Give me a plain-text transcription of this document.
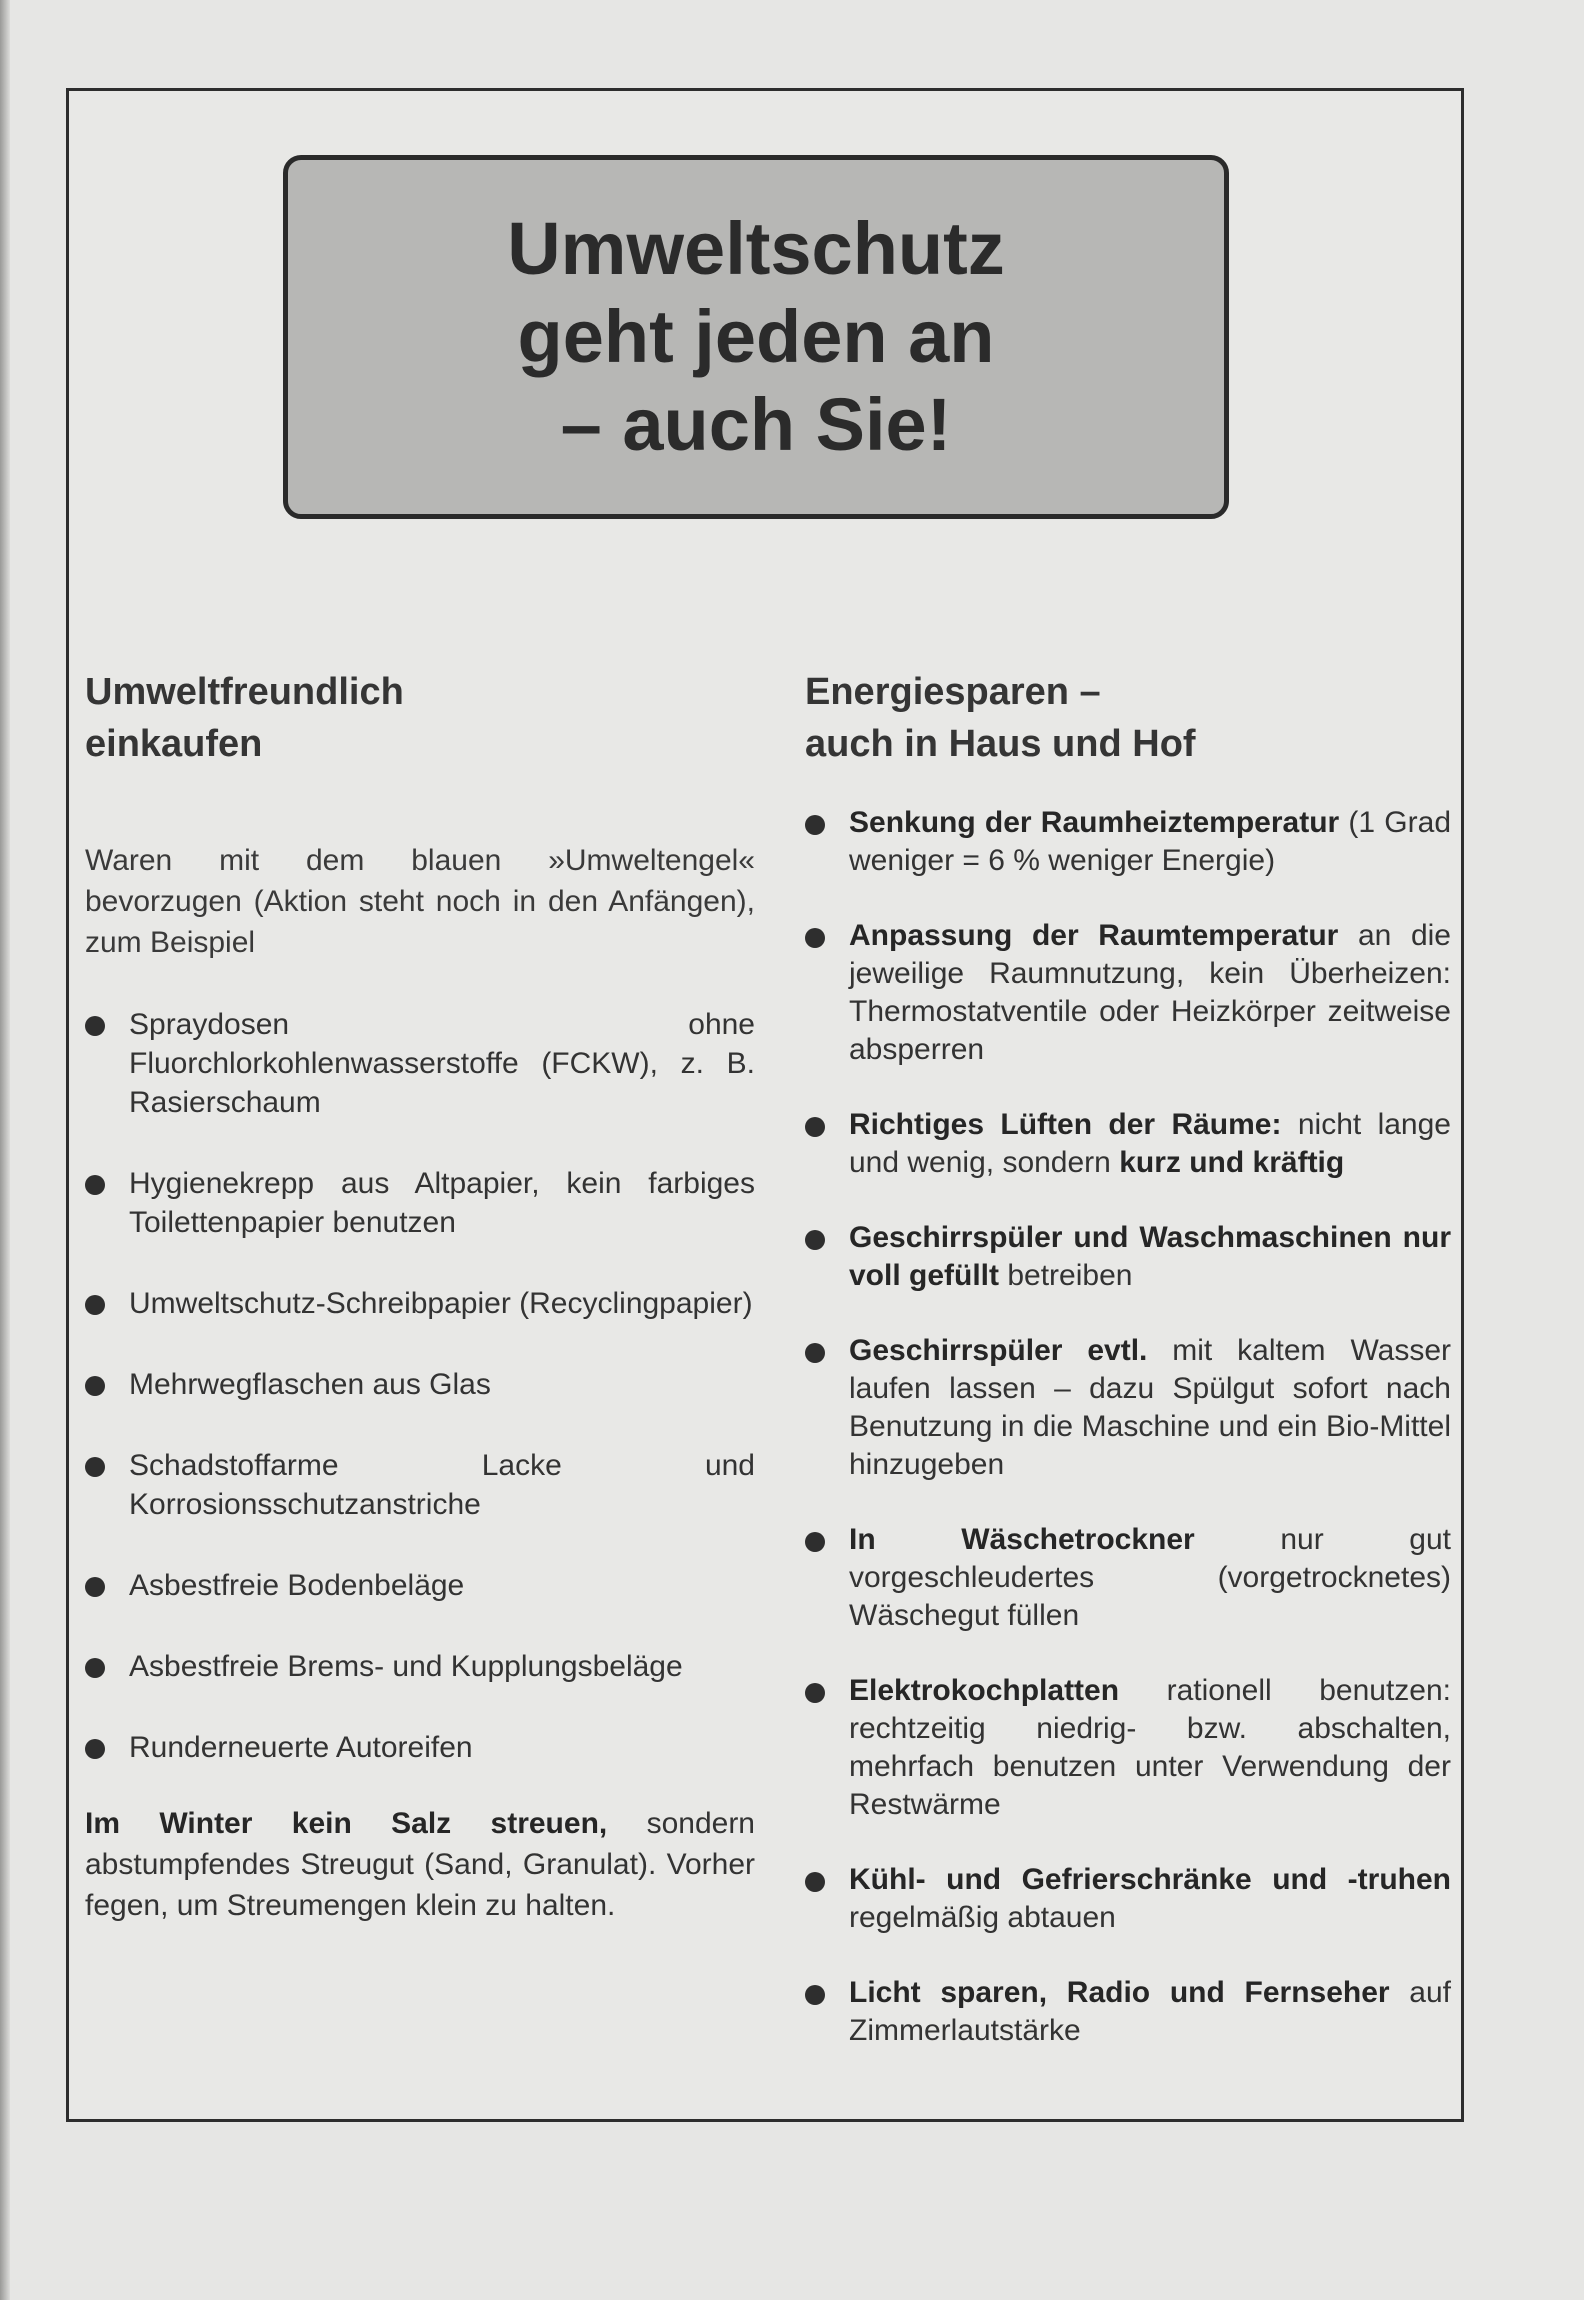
Umweltschutz
geht jeden an
– auch Sie!
Umweltfreundlich
einkaufen

Waren mit dem blauen »Umweltengel« bevorzugen (Aktion steht noch in den Anfängen), zum Beispiel

Spraydosen ohne Fluorchlorkohlenwasserstoffe (FCKW), z. B. Rasierschaum
Hygienekrepp aus Altpapier, kein farbiges Toilettenpapier benutzen
Umweltschutz-Schreibpapier (Recyclingpapier)
Mehrwegflaschen aus Glas
Schadstoffarme Lacke und Korrosionsschutzanstriche
Asbestfreie Bodenbeläge
Asbestfreie Brems- und Kupplungsbeläge
Runderneuerte Autoreifen

Im Winter kein Salz streuen, sondern abstumpfendes Streugut (Sand, Granulat). Vorher fegen, um Streumengen klein zu halten.

Energiesparen –
auch in Haus und Hof
Senkung der Raumheiztemperatur (1 Grad weniger = 6 % weniger Energie)
Anpassung der Raumtemperatur an die jeweilige Raumnutzung, kein Überheizen: Thermostatventile oder Heizkörper zeitweise absperren
Richtiges Lüften der Räume: nicht lange und wenig, sondern kurz und kräftig
Geschirrspüler und Waschmaschinen nur voll gefüllt betreiben
Geschirrspüler evtl. mit kaltem Wasser laufen lassen – dazu Spülgut sofort nach Benutzung in die Maschine und ein Bio-Mittel hinzugeben
In Wäschetrockner nur gut vorgeschleudertes (vorgetrocknetes) Wäschegut füllen
Elektrokochplatten rationell benutzen: rechtzeitig niedrig- bzw. abschalten, mehrfach benutzen unter Verwendung der Restwärme
Kühl- und Gefrierschränke und -truhen regelmäßig abtauen
Licht sparen, Radio und Fernseher auf Zimmerlautstärke
